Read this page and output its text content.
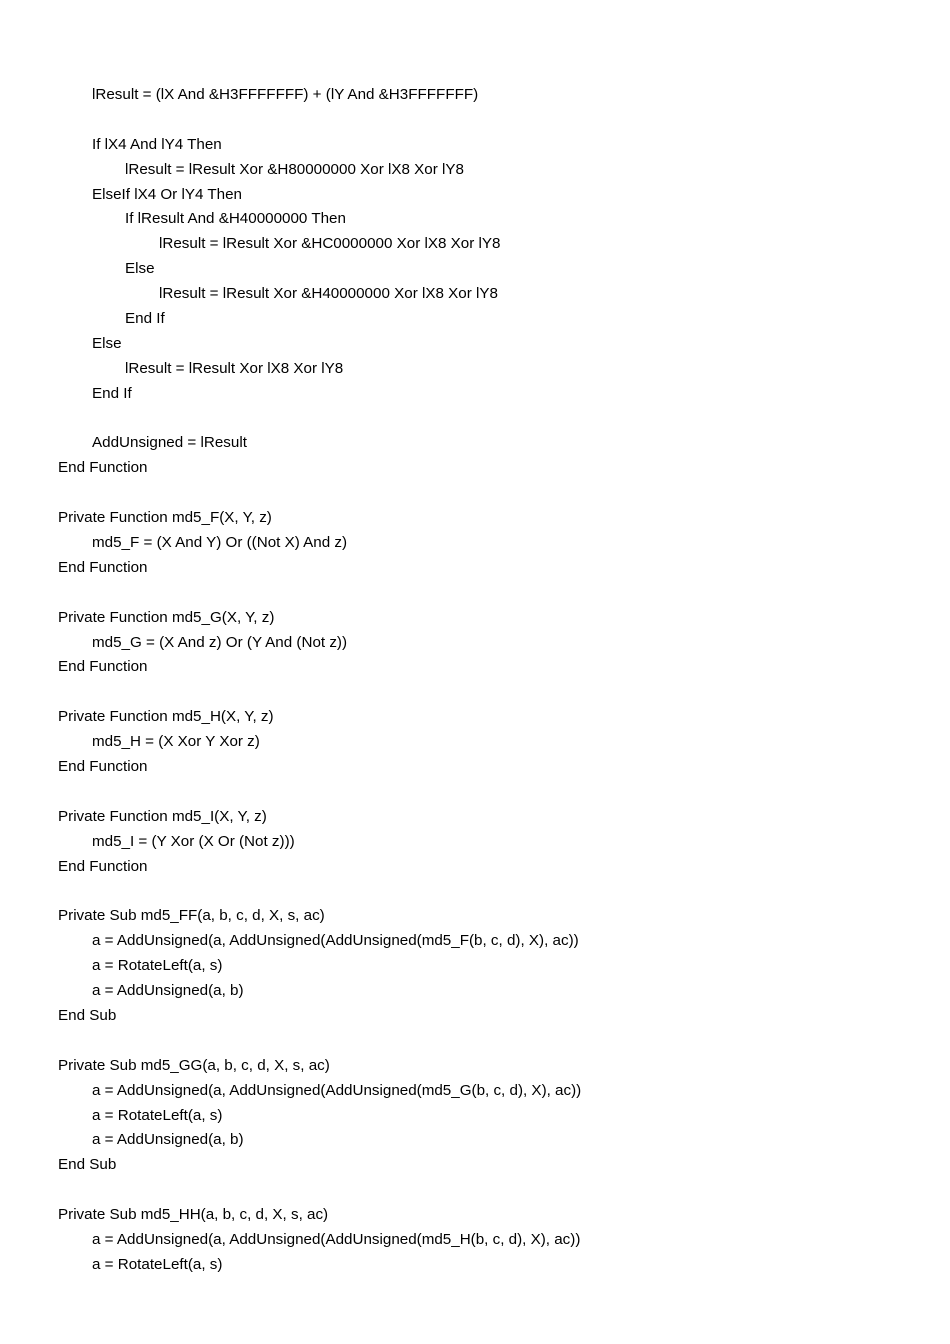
lResult = (lX And &H3FFFFFFF) + (lY And &H3FFFFFFF)
If lX4 And lY4 Then
lResult = lResult Xor &H80000000 Xor lX8 Xor lY8
ElseIf lX4 Or lY4 Then
If lResult And &H40000000 Then
lResult = lResult Xor &HC0000000 Xor lX8 Xor lY8
Else
lResult = lResult Xor &H40000000 Xor lX8 Xor lY8
End If
Else
lResult = lResult Xor lX8 Xor lY8
End If
AddUnsigned = lResult
End Function
Private Function md5_F(X, Y, z)
md5_F = (X And Y) Or ((Not X) And z)
End Function
Private Function md5_G(X, Y, z)
md5_G = (X And z) Or (Y And (Not z))
End Function
Private Function md5_H(X, Y, z)
md5_H = (X Xor Y Xor z)
End Function
Private Function md5_I(X, Y, z)
md5_I = (Y Xor (X Or (Not z)))
End Function
Private Sub md5_FF(a, b, c, d, X, s, ac)
a = AddUnsigned(a, AddUnsigned(AddUnsigned(md5_F(b, c, d), X), ac))
a = RotateLeft(a, s)
a = AddUnsigned(a, b)
End Sub
Private Sub md5_GG(a, b, c, d, X, s, ac)
a = AddUnsigned(a, AddUnsigned(AddUnsigned(md5_G(b, c, d), X), ac))
a = RotateLeft(a, s)
a = AddUnsigned(a, b)
End Sub
Private Sub md5_HH(a, b, c, d, X, s, ac)
a = AddUnsigned(a, AddUnsigned(AddUnsigned(md5_H(b, c, d), X), ac))
a = RotateLeft(a, s)
